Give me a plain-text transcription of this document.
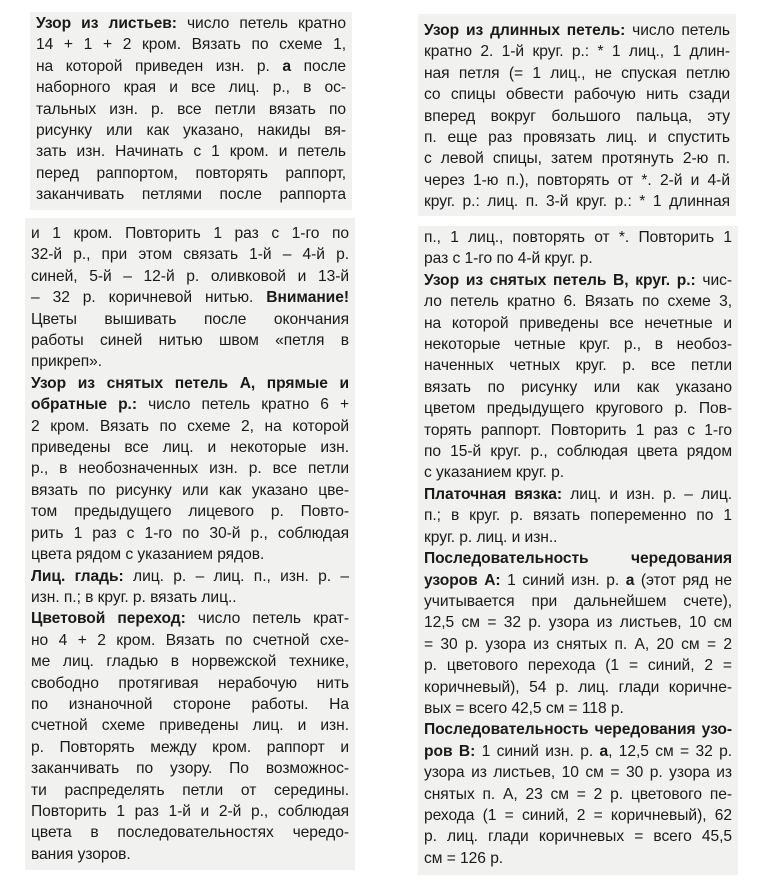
Узор из листьев: число петель кратно

14 + 1 + 2 кром. Вязать по схеме 1,

на которой приведен изн. р. а после

наборного края и все лиц. р., в ос-

тальных изн. р. все петли вязать по

рисунку или как указано, накиды вя-

зать изн. Начинать с 1 кром. и петель

перед раппортом, повторять раппорт,

заканчивать петлями после раппорта

и 1 кром. Повторить 1 раз с 1-го по

32-й р., при этом связать 1-й – 4-й р.

синей, 5-й – 12-й р. оливковой и 13-й

– 32 р. коричневой нитью. Внимание!

Цветы вышивать после окончания

работы синей нитью швом «петля в

прикреп».

Узор из снятых петель А, прямые и

обратные р.: число петель кратно 6 +

2 кром. Вязать по схеме 2, на которой

приведены все лиц. и некоторые изн.

р., в необозначенных изн. р. все петли

вязать по рисунку или как указано цве-

том предыдущего лицевого р. Повто-

рить 1 раз с 1-го по 30-й р., соблюдая

цвета рядом с указанием рядов.

Лиц. гладь: лиц. р. – лиц. п., изн. р. –

изн. п.; в круг. р. вязать лиц..

Цветовой переход: число петель крат-

но 4 + 2 кром. Вязать по счетной схе-

ме лиц. гладью в норвежской технике,

свободно протягивая нерабочую нить

по изнаночной стороне работы. На

счетной схеме приведены лиц. и изн.

р. Повторять между кром. раппорт и

заканчивать по узору. По возможнос-

ти распределять петли от середины.

Повторить 1 раз 1-й и 2-й р., соблюдая

цвета в последовательностях чередо-

вания узоров.

Узор из длинных петель: число петель

кратно 2. 1-й круг. р.: * 1 лиц., 1 длин-

ная петля (= 1 лиц., не спуская петлю

со спицы обвести рабочую нить сзади

вперед вокруг большого пальца, эту

п. еще раз провязать лиц. и спустить

с левой спицы, затем протянуть 2-ю п.

через 1-ю п.), повторять от *. 2-й и 4-й

круг. р.: лиц. п. 3-й круг. р.: * 1 длинная

п., 1 лиц., повторять от *. Повторить 1

раз с 1-го по 4-й круг. р.

Узор из снятых петель В, круг. р.: чис-

ло петель кратно 6. Вязать по схеме 3,

на которой приведены все нечетные и

некоторые четные круг. р., в необоз-

наченных четных круг. р. все петли

вязать по рисунку или как указано

цветом предыдущего кругового р. Пов-

торять раппорт. Повторить 1 раз с 1-го

по 15-й круг. р., соблюдая цвета рядом

с указанием круг. р.

Платочная вязка: лиц. и изн. р. – лиц.

п.; в круг. р. вязать попеременно по 1

круг. р. лиц. и изн..

Последовательность чередования

узоров А: 1 синий изн. р. а (этот ряд не

учитывается при дальнейшем счете),

12,5 см = 32 р. узора из листьев, 10 см

= 30 р. узора из снятых п. А, 20 см = 2

р. цветового перехода (1 = синий, 2 =

коричневый), 54 р. лиц. глади коричне-

вых = всего 42,5 см = 118 р.

Последовательность чередования узо-

ров В: 1 синий изн. р. а, 12,5 см = 32 р.

узора из листьев, 10 см = 30 р. узора из

снятых п. А, 23 см = 2 р. цветового пе-

рехода (1 = синий, 2 = коричневый), 62

р. лиц. глади коричневых = всего 45,5

см = 126 р.
